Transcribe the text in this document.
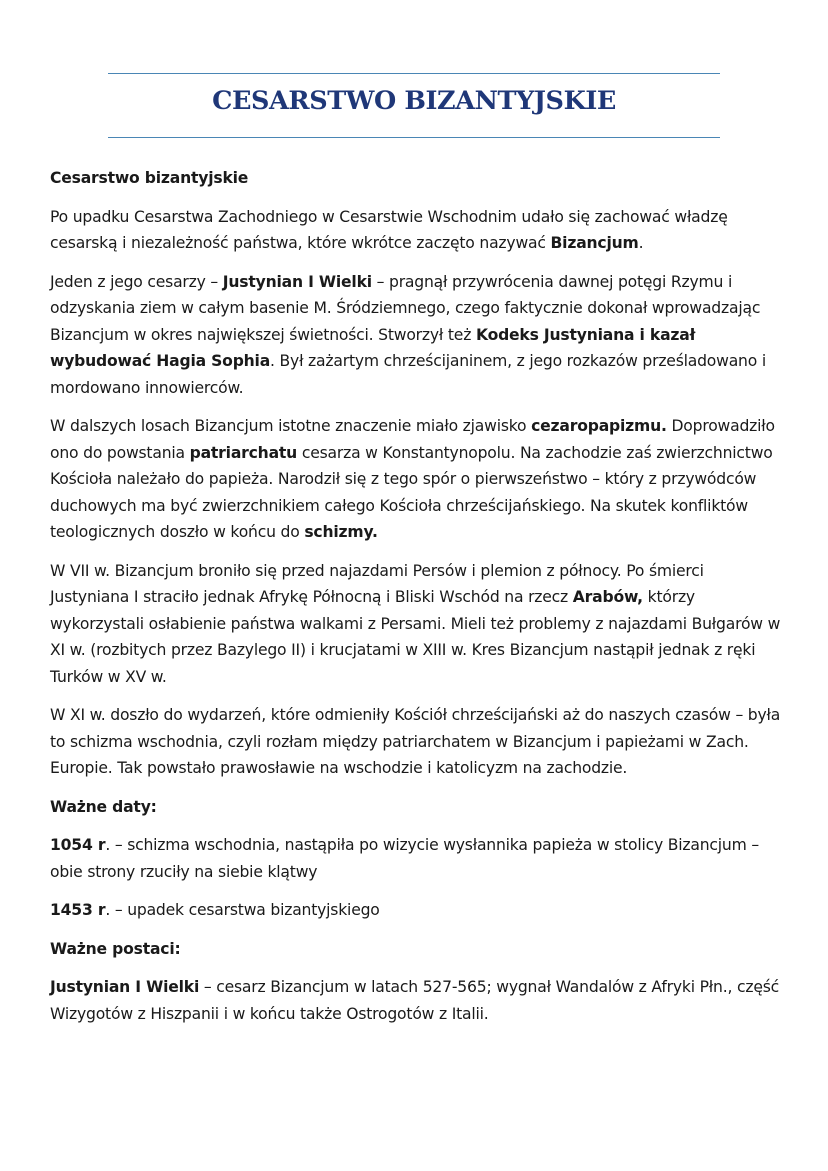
CESARSTWO BIZANTYJSKIE
Cesarstwo bizantyjskie

Po upadku Cesarstwa Zachodniego w Cesarstwie Wschodnim udało się zachować władzę cesarską i niezależność państwa, które wkrótce zaczęto nazywać Bizancjum.

Jeden z jego cesarzy – Justynian I Wielki – pragnął przywrócenia dawnej potęgi Rzymu i odzyskania ziem w całym basenie M. Śródziemnego, czego faktycznie dokonał wprowadzając Bizancjum w okres największej świetności. Stworzył też Kodeks Justyniana i kazał wybudować Hagia Sophia. Był zażartym chrześcijaninem, z jego rozkazów prześladowano i mordowano innowierców.

W dalszych losach Bizancjum istotne znaczenie miało zjawisko cezaropapizmu. Doprowadziło ono do powstania patriarchatu cesarza w Konstantynopolu. Na zachodzie zaś zwierzchnictwo Kościoła należało do papieża. Narodził się z tego spór o pierwszeństwo – który z przywódców duchowych ma być zwierzchnikiem całego Kościoła chrześcijańskiego. Na skutek konfliktów teologicznych doszło w końcu do schizmy.

W VII w. Bizancjum broniło się przed najazdami Persów i plemion z północy. Po śmierci Justyniana I straciło jednak Afrykę Północną i Bliski Wschód na rzecz Arabów, którzy wykorzystali osłabienie państwa walkami z Persami. Mieli też problemy z najazdami Bułgarów w XI w. (rozbitych przez Bazylego II) i krucjatami w XIII w. Kres Bizancjum nastąpił jednak z ręki Turków w XV w.

W XI w. doszło do wydarzeń, które odmieniły Kościół chrześcijański aż do naszych czasów – była to schizma wschodnia, czyli rozłam między patriarchatem w Bizancjum i papieżami w Zach. Europie. Tak powstało prawosławie na wschodzie i katolicyzm na zachodzie.

Ważne daty:

1054 r. – schizma wschodnia, nastąpiła po wizycie wysłannika papieża w stolicy Bizancjum – obie strony rzuciły na siebie klątwy

1453 r. – upadek cesarstwa bizantyjskiego

Ważne postaci:

Justynian I Wielki – cesarz Bizancjum w latach 527-565; wygnał Wandalów z Afryki Płn., część Wizygotów z Hiszpanii i w końcu także Ostrogotów z Italii.
